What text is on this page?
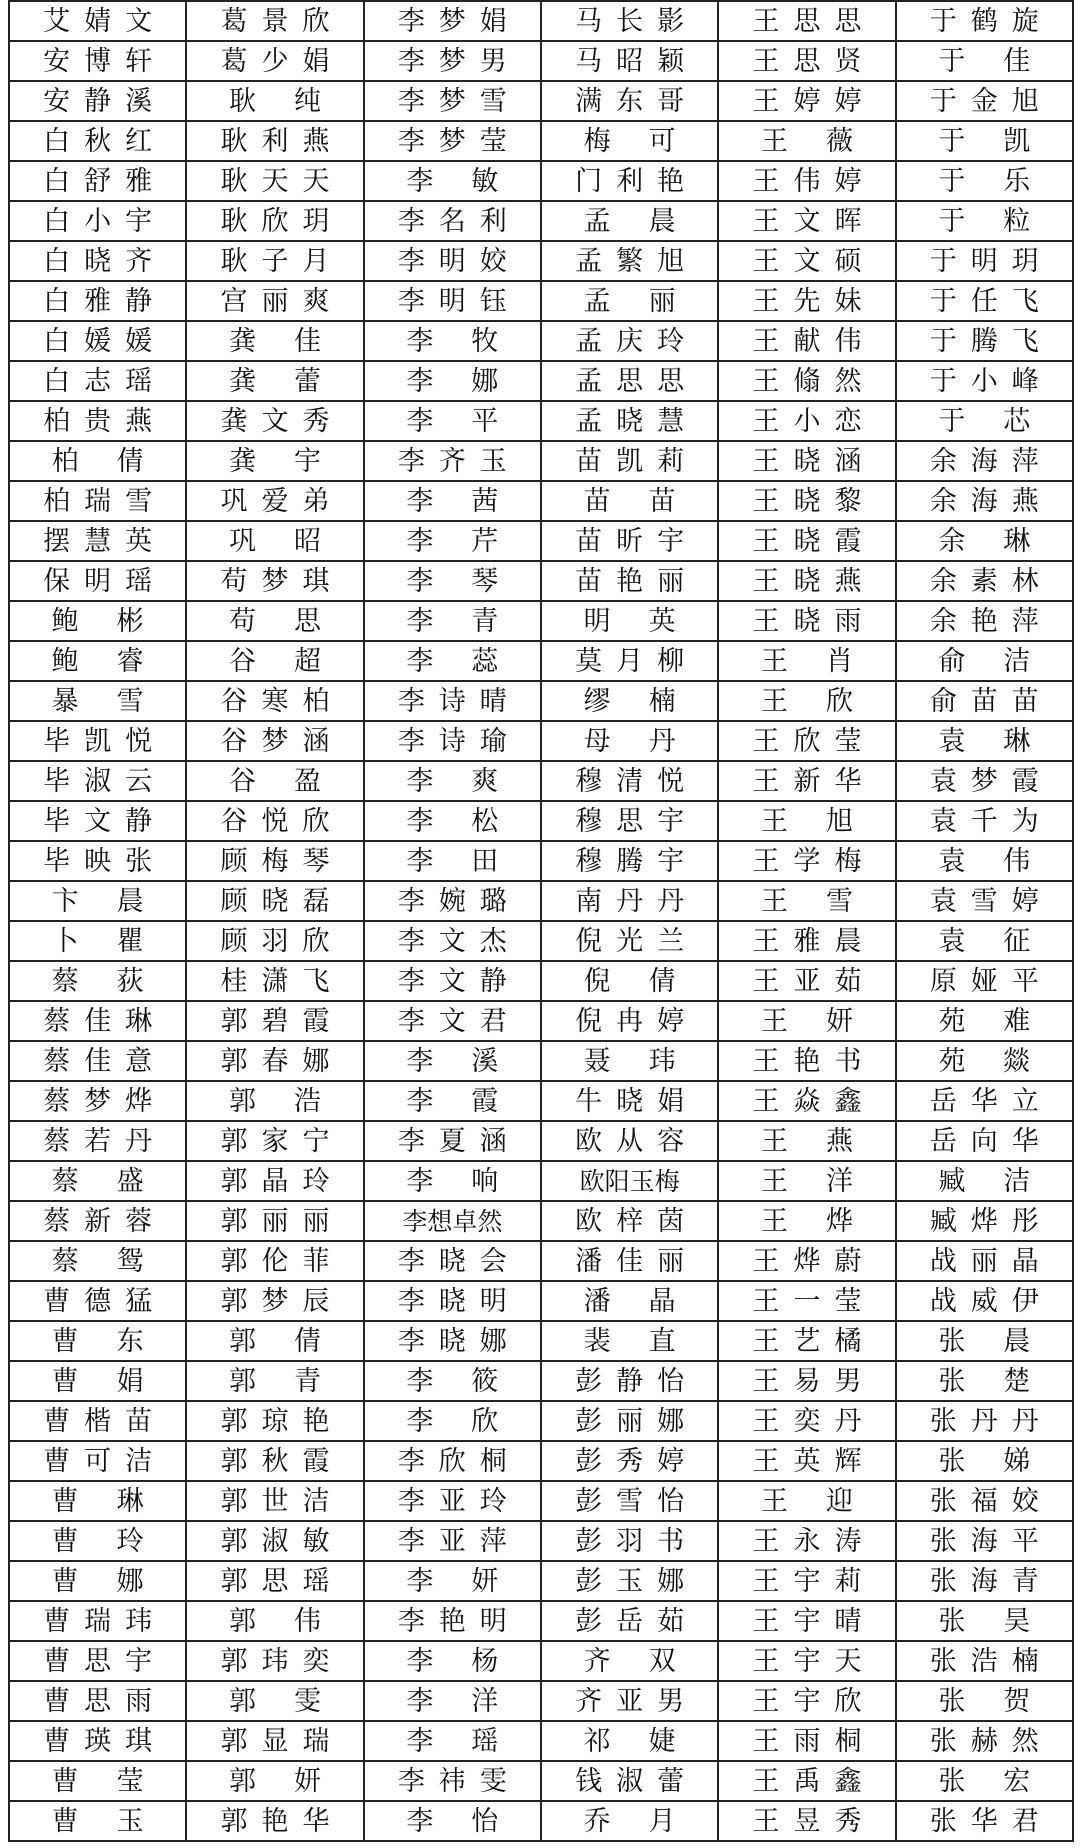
艾婧文	葛景欣	李梦娟	马长影	王思思	于鹤旋
安博轩	葛少娟	李梦男	马昭颖	王思贤	于佳
安静溪	耿纯	李梦雪	满东哥	王婷婷	于金旭
白秋红	耿利燕	李梦莹	梅可	王薇	于凯
白舒雅	耿天天	李敏	门利艳	王伟婷	于乐
白小宇	耿欣玥	李名利	孟晨	王文晖	于粒
白晓齐	耿子月	李明姣	孟繁旭	王文硕	于明玥
白雅静	宫丽爽	李明钰	孟丽	王先妹	于任飞
白媛媛	龚佳	李牧	孟庆玲	王献伟	于腾飞
白志瑶	龚蕾	李娜	孟思思	王翛然	于小峰
柏贵燕	龚文秀	李平	孟晓慧	王小恋	于芯
柏倩	龚宇	李齐玉	苗凯莉	王晓涵	余海萍
柏瑞雪	巩爱弟	李茜	苗苗	王晓黎	余海燕
摆慧英	巩昭	李芹	苗昕宇	王晓霞	余琳
保明瑶	苟梦琪	李琴	苗艳丽	王晓燕	余素林
鲍彬	苟思	李青	明英	王晓雨	余艳萍
鲍睿	谷超	李蕊	莫月柳	王肖	俞洁
暴雪	谷寒柏	李诗晴	缪楠	王欣	俞苗苗
毕凯悦	谷梦涵	李诗瑜	母丹	王欣莹	袁琳
毕淑云	谷盈	李爽	穆清悦	王新华	袁梦霞
毕文静	谷悦欣	李松	穆思宇	王旭	袁千为
毕映张	顾梅琴	李田	穆腾宇	王学梅	袁伟
卞晨	顾晓磊	李婉璐	南丹丹	王雪	袁雪婷
卜瞿	顾羽欣	李文杰	倪光兰	王雅晨	袁征
蔡荻	桂潇飞	李文静	倪倩	王亚茹	原娅平
蔡佳琳	郭碧霞	李文君	倪冉婷	王妍	苑难
蔡佳意	郭春娜	李溪	聂玮	王艳书	苑燚
蔡梦烨	郭浩	李霞	牛晓娟	王焱鑫	岳华立
蔡若丹	郭家宁	李夏涵	欧从容	王燕	岳向华
蔡盛	郭晶玲	李响	欧阳玉梅	王洋	臧洁
蔡新蓉	郭丽丽	李想卓然	欧梓茵	王烨	臧烨彤
蔡鸳	郭伦菲	李晓会	潘佳丽	王烨蔚	战丽晶
曹德猛	郭梦辰	李晓明	潘晶	王一莹	战威伊
曹东	郭倩	李晓娜	裴直	王艺橘	张晨
曹娟	郭青	李筱	彭静怡	王易男	张楚
曹楷苗	郭琼艳	李欣	彭丽娜	王奕丹	张丹丹
曹可洁	郭秋霞	李欣桐	彭秀婷	王英辉	张娣
曹琳	郭世洁	李亚玲	彭雪怡	王迎	张福姣
曹玲	郭淑敏	李亚萍	彭羽书	王永涛	张海平
曹娜	郭思瑶	李妍	彭玉娜	王宇莉	张海青
曹瑞玮	郭伟	李艳明	彭岳茹	王宇晴	张昊
曹思宇	郭玮奕	李杨	齐双	王宇天	张浩楠
曹思雨	郭雯	李洋	齐亚男	王宇欣	张贺
曹瑛琪	郭显瑞	李瑶	祁婕	王雨桐	张赫然
曹莹	郭妍	李祎雯	钱淑蕾	王禹鑫	张宏
曹玉	郭艳华	李怡	乔月	王昱秀	张华君
